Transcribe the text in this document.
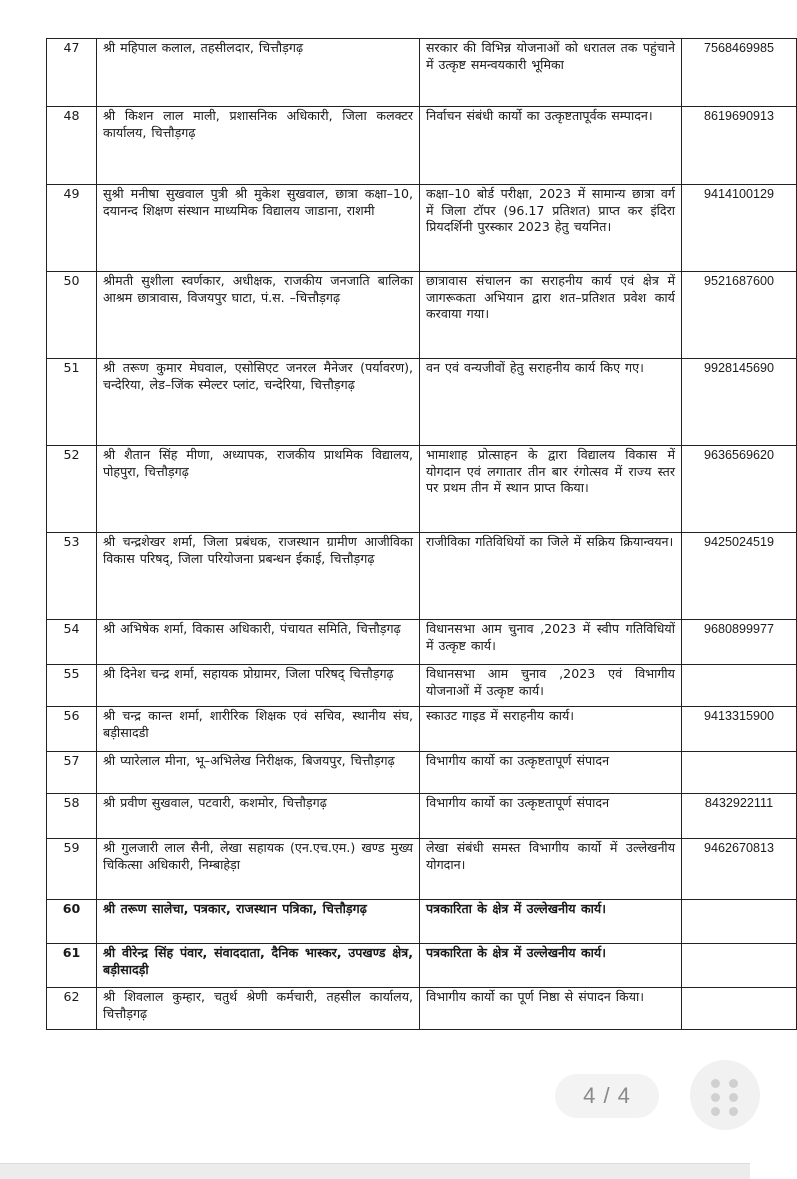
47	श्री महिपाल कलाल, तहसीलदार, चित्तौड़गढ़	सरकार की विभिन्न योजनाओं को धरातल तक पहुंचाने में उत्कृष्ट समन्वयकारी भूमिका	7568469985
48	श्री किशन लाल माली, प्रशासनिक अधिकारी, जिला कलक्टर कार्यालय, चित्तौड़गढ़	निर्वाचन संबंधी कार्यो का उत्कृष्टतापूर्वक सम्पादन।	8619690913
49	सुश्री मनीषा सुखवाल पुत्री श्री मुकेश सुखवाल, छात्रा कक्षा–10, दयानन्द शिक्षण संस्थान माध्यमिक विद्यालय जाडाना, राशमी	कक्षा–10 बोर्ड परीक्षा, 2023 में सामान्य छात्रा वर्ग में जिला टॉपर (96.17 प्रतिशत) प्राप्त कर इंदिरा प्रियदर्शिनी पुरस्कार 2023 हेतु चयनित।	9414100129
50	श्रीमती सुशीला स्वर्णकार, अधीक्षक, राजकीय जनजाति बालिका आश्रम छात्रावास, विजयपुर घाटा, पं.स. –चित्तौड़गढ़	छात्रावास संचालन का सराहनीय कार्य एवं क्षेत्र में जागरूकता अभियान द्वारा शत–प्रतिशत प्रवेश कार्य करवाया गया।	9521687600
51	श्री तरूण कुमार मेघवाल, एसोसिएट जनरल मैनेजर (पर्यावरण), चन्देरिया, लेड–जिंक स्मेल्टर प्लांट, चन्देरिया, चित्तौड़गढ़	वन एवं वन्यजीवों हेतु सराहनीय कार्य किए गए।	9928145690
52	श्री शैतान सिंह मीणा, अध्यापक, राजकीय प्राथमिक विद्यालय, पोहपुरा, चित्तौड़गढ़	भामाशाह प्रोत्साहन के द्वारा विद्यालय विकास में योगदान एवं लगातार तीन बार रंगोत्सव में राज्य स्तर पर प्रथम तीन में स्थान प्राप्त किया।	9636569620
53	श्री चन्द्रशेखर शर्मा, जिला प्रबंधक, राजस्थान ग्रामीण आजीविका विकास परिषद्, जिला परियोजना प्रबन्धन ईकाई, चित्तौड़गढ़	राजीविका गतिविधियों का जिले में सक्रिय क्रियान्वयन।	9425024519
54	श्री अभिषेक शर्मा, विकास अधिकारी, पंचायत समिति, चित्तौड़गढ़	विधानसभा आम चुनाव ,2023 में स्वीप गतिविधियों में उत्कृष्ट कार्य।	9680899977
55	श्री दिनेश चन्द्र शर्मा, सहायक प्रोग्रामर, जिला परिषद् चित्तौड़गढ़	विधानसभा आम चुनाव ,2023 एवं विभागीय योजनाओं में उत्कृष्ट कार्य।	
56	श्री चन्द्र कान्त शर्मा, शारीरिक शिक्षक एवं सचिव, स्थानीय संघ, बड़ीसादडी	स्काउट गाइड में सराहनीय कार्य।	9413315900
57	श्री प्यारेलाल मीना, भू–अभिलेख निरीक्षक, बिजयपुर, चित्तौड़गढ़	विभागीय कार्यो का उत्कृष्टतापूर्ण संपादन	
58	श्री प्रवीण सुखवाल, पटवारी, कशमोर, चित्तौड़गढ़	विभागीय कार्यो का उत्कृष्टतापूर्ण संपादन	8432922111
59	श्री गुलजारी लाल सैनी, लेखा सहायक (एन.एच.एम.) खण्ड मुख्य चिकित्सा अधिकारी, निम्बाहेड़ा	लेखा संबंधी समस्त विभागीय कार्यो में उल्लेखनीय योगदान।	9462670813
60	श्री तरूण सालेचा, पत्रकार, राजस्थान पत्रिका, चित्तौड़गढ़	पत्रकारिता के क्षेत्र में उल्लेखनीय कार्य।	
61	श्री वीरेन्द्र सिंह पंवार, संवाददाता, दैनिक भास्कर, उपखण्ड क्षेत्र, बड़ीसादड़ी	पत्रकारिता के क्षेत्र में उल्लेखनीय कार्य।	
62	श्री शिवलाल कुम्हार, चतुर्थ श्रेणी कर्मचारी, तहसील कार्यालय, चित्तौड़गढ़	विभागीय कार्यो का पूर्ण निष्ठा से संपादन किया।	
4 / 4
